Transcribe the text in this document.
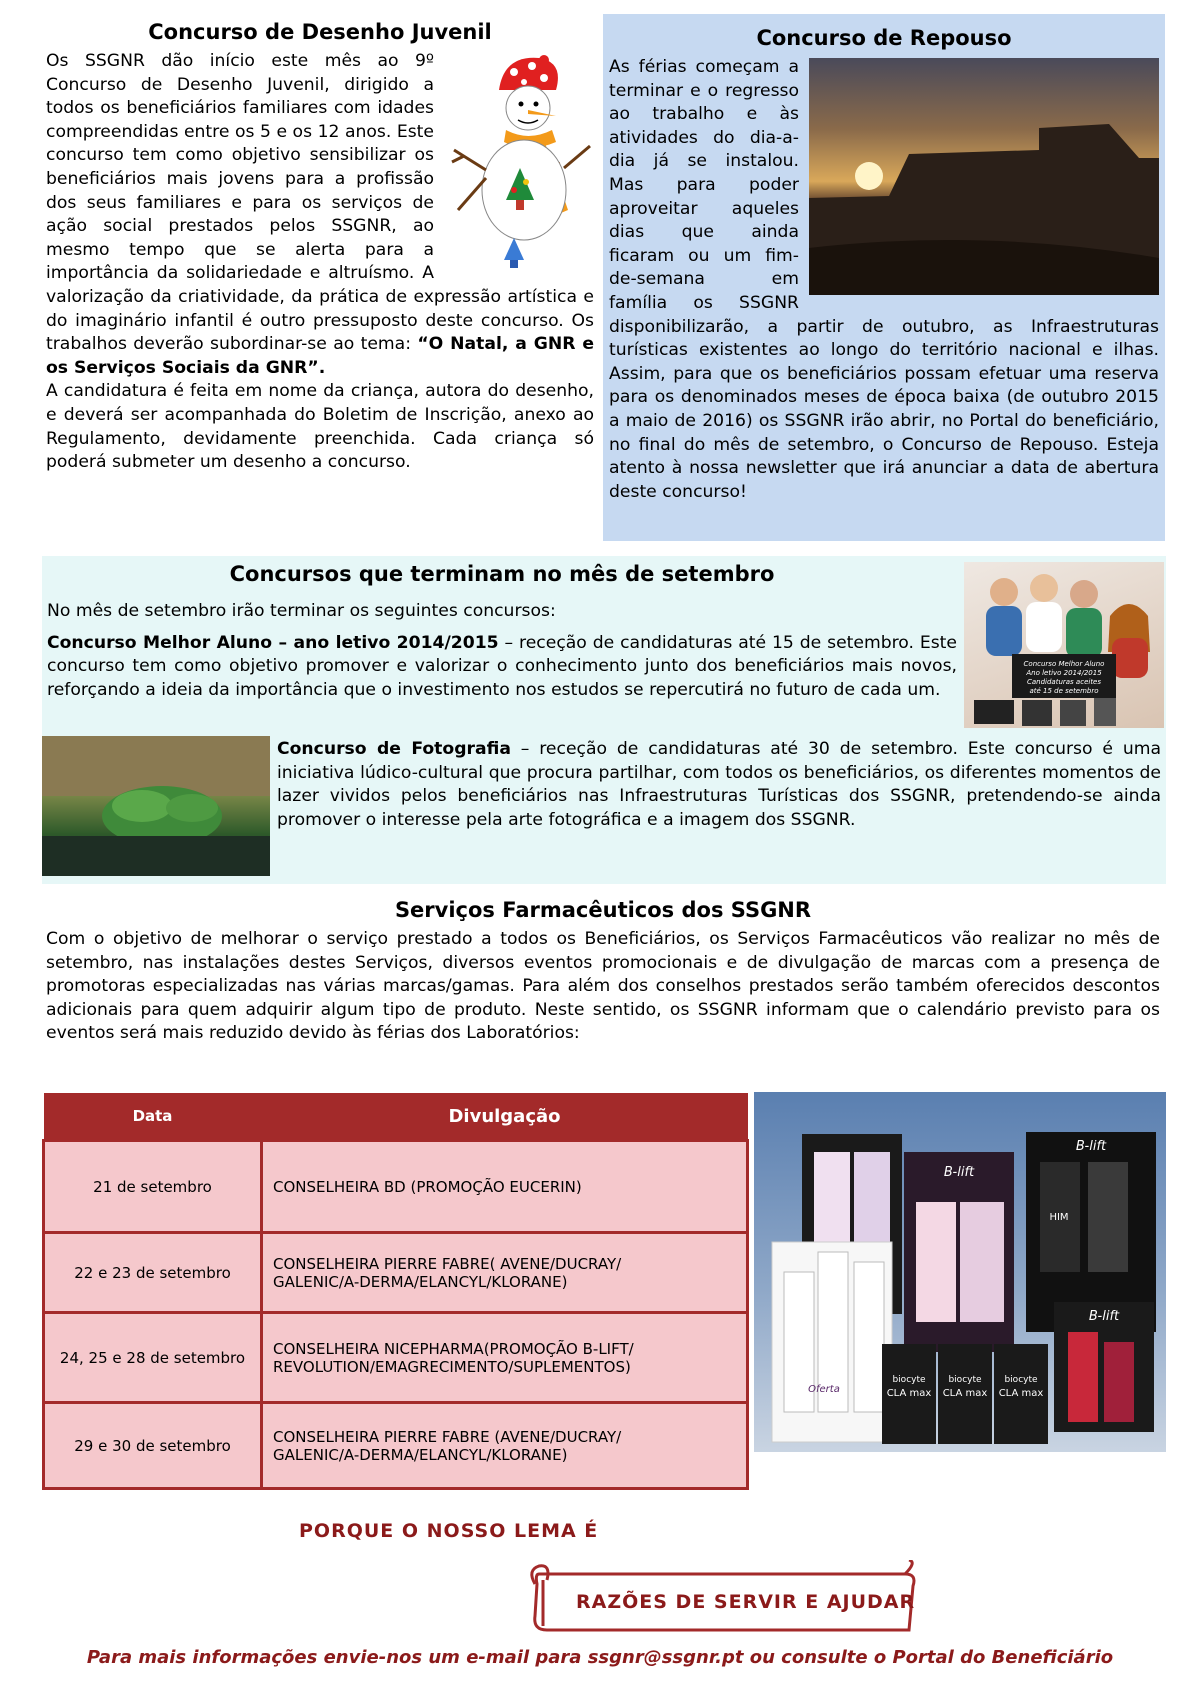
Concurso de Desenho Juvenil

Os SSGNR dão início este mês ao 9º Concurso de Desenho Juvenil, dirigido a todos os beneficiários familiares com idades compreendidas entre os 5 e os 12 anos. Este concurso tem como objetivo sensibilizar os beneficiários mais jovens para a profissão dos seus familiares e para os serviços de ação social prestados pelos SSGNR, ao mesmo tempo que se alerta para a importância da solidariedade e altruísmo. A valorização da criatividade, da prática de expressão artística e do imaginário infantil é outro pressuposto deste concurso. Os trabalhos deverão subordinar-se ao tema: “O Natal, a GNR e os Serviços Sociais da GNR”.

A candidatura é feita em nome da criança, autora do desenho, e deverá ser acompanhada do Boletim de Inscrição, anexo ao Regulamento, devidamente preenchida. Cada criança só poderá submeter um desenho a concurso.

Concurso de Repouso

As férias começam a terminar e o regresso ao trabalho e às atividades do dia-a-dia já se instalou. Mas para poder aproveitar aqueles dias que ainda ficaram ou um fim-de-semana em família os SSGNR disponibilizarão, a partir de outubro, as Infraestruturas turísticas existentes ao longo do território nacional e ilhas. Assim, para que os beneficiários possam efetuar uma reserva para os denominados meses de época baixa (de outubro 2015 a maio de 2016) os SSGNR irão abrir, no Portal do beneficiário, no final do mês de setembro, o Concurso de Repouso. Esteja atento à nossa newsletter que irá anunciar a data de abertura deste concurso!

Concursos que terminam no mês de setembro
Concurso Melhor Aluno
Ano letivo 2014/2015
Candidaturas aceites
até 15 de setembro

No mês de setembro irão terminar os seguintes concursos:

Concurso Melhor Aluno – ano letivo 2014/2015 – receção de candidaturas até 15 de setembro. Este concurso tem como objetivo promover e valorizar o conhecimento junto dos beneficiários mais novos, reforçando a ideia da importância que o investimento nos estudos se repercutirá no futuro de cada um.

Concurso de Fotografia – receção de candidaturas até 30 de setembro. Este concurso é uma iniciativa lúdico-cultural que procura partilhar, com todos os beneficiários, os diferentes momentos de lazer vividos pelos beneficiários nas Infraestruturas Turísticas dos SSGNR, pretendendo-se ainda promover o interesse pela arte fotográfica e a imagem dos SSGNR.

Serviços Farmacêuticos dos SSGNR

Com o objetivo de melhorar o serviço prestado a todos os Beneficiários, os Serviços Farmacêuticos vão realizar no mês de setembro, nas instalações destes Serviços, diversos eventos promocionais e de divulgação de marcas com a presença de promotoras especializadas nas várias marcas/gamas. Para além dos conselhos prestados serão também oferecidos descontos adicionais para quem adquirir algum tipo de produto. Neste sentido, os SSGNR informam que o calendário previsto para os eventos será mais reduzido devido às férias dos Laboratórios:

Data	Divulgação
21 de setembro	CONSELHEIRA BD (PROMOÇÃO EUCERIN)
22 e 23 de setembro	CONSELHEIRA PIERRE FABRE( AVENE/DUCRAY/
GALENIC/A-DERMA/ELANCYL/KLORANE)
24, 25 e 28 de setembro	CONSELHEIRA NICEPHARMA(PROMOÇÃO B-LIFT/
REVOLUTION/EMAGRECIMENTO/SUPLEMENTOS)
29 e 30 de setembro	CONSELHEIRA PIERRE FABRE (AVENE/DUCRAY/
GALENIC/A-DERMA/ELANCYL/KLORANE)
B-lift
B-lift
HIM
Oferta
biocyte
CLA max
biocyte
CLA max
biocyte
CLA max
B-lift
PORQUE O NOSSO LEMA É
RAZÕES DE SERVIR E AJUDAR
Para mais informações envie-nos um e-mail para ssgnr@ssgnr.pt ou consulte o Portal do Beneficiário
